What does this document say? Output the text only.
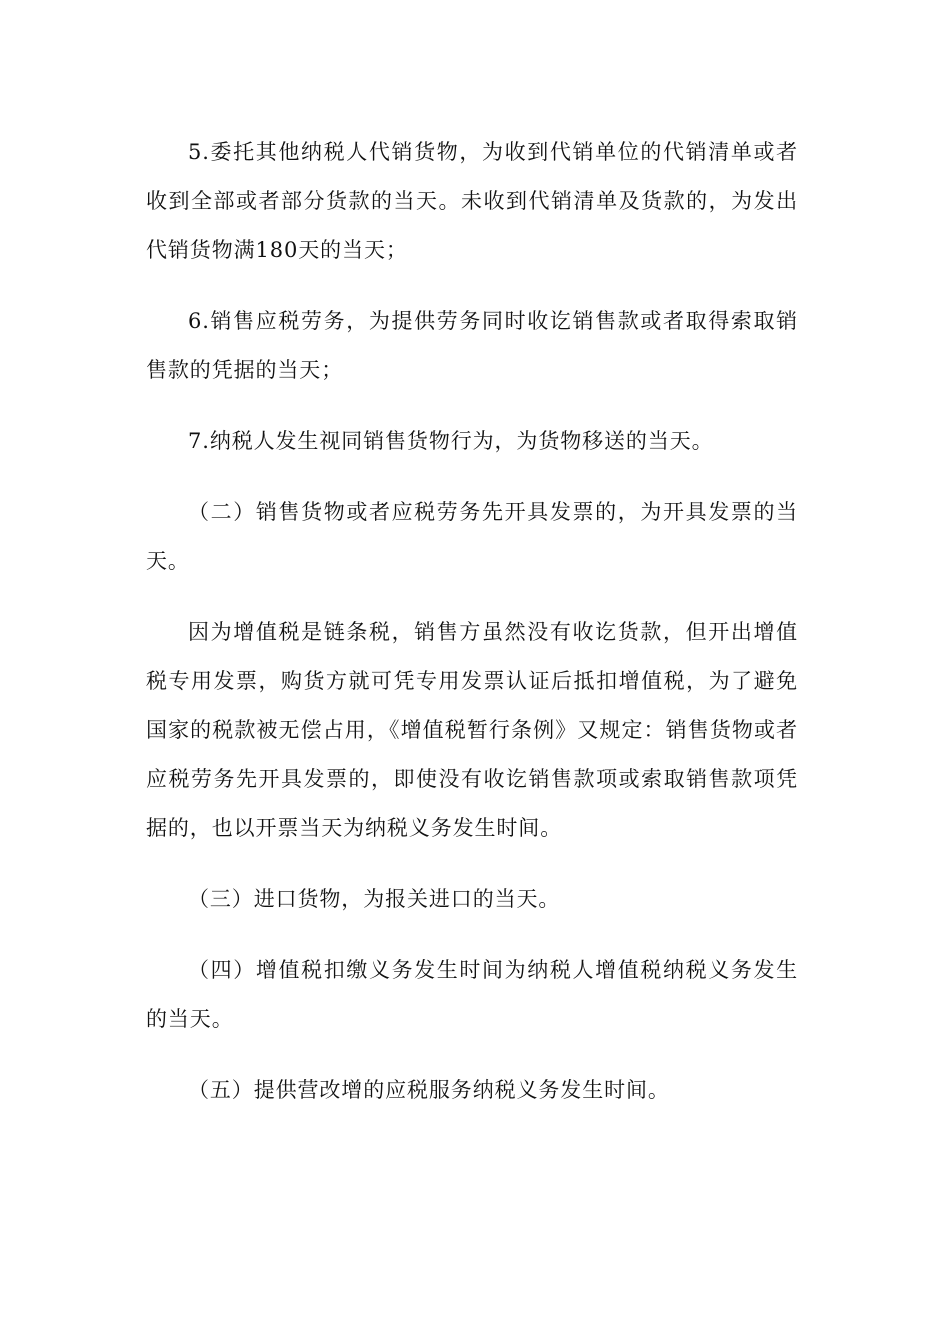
5.委托其他纳税人代销货物，为收到代销单位的代销清单或者收到全部或者部分货款的当天。未收到代销清单及货款的，为发出代销货物满180天的当天；

6.销售应税劳务，为提供劳务同时收讫销售款或者取得索取销售款的凭据的当天；

7.纳税人发生视同销售货物行为，为货物移送的当天。

（二）销售货物或者应税劳务先开具发票的，为开具发票的当天。

因为增值税是链条税，销售方虽然没有收讫货款，但开出增值税专用发票，购货方就可凭专用发票认证后抵扣增值税，为了避免国家的税款被无偿占用，《增值税暂行条例》又规定：销售货物或者应税劳务先开具发票的，即使没有收讫销售款项或索取销售款项凭据的，也以开票当天为纳税义务发生时间。

（三）进口货物，为报关进口的当天。

（四）增值税扣缴义务发生时间为纳税人增值税纳税义务发生的当天。

（五）提供营改增的应税服务纳税义务发生时间。
